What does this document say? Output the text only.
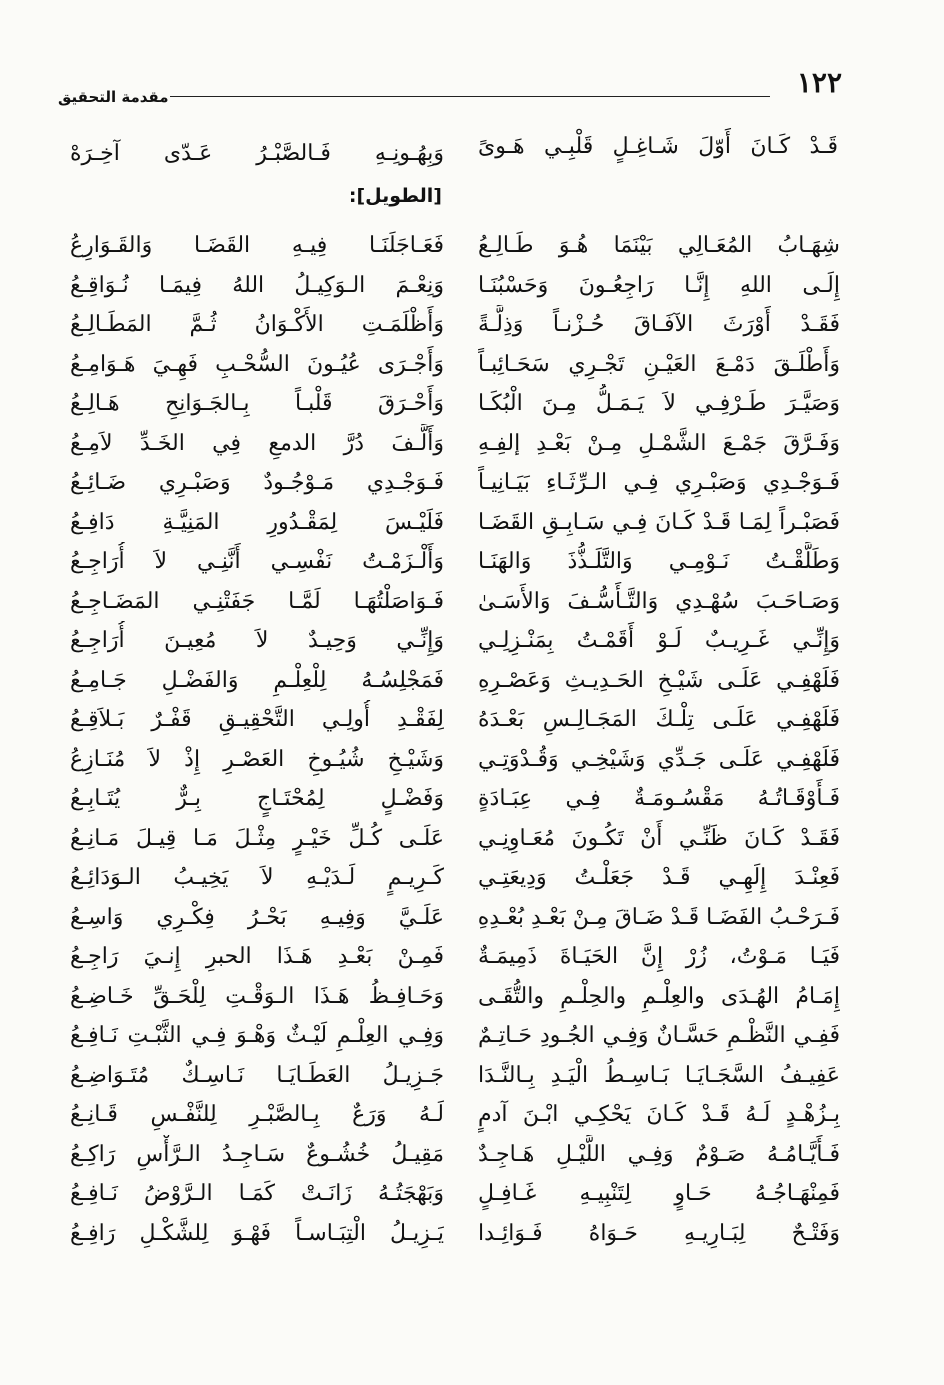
١٢٢
مقدمة التحقيق
قَـدْ كَـانَ أَوّلَ شَـاغِـلٍ قَلْبِـي هَـوىً
شِهَـابُ المُعَـالِي بَيْنَمَا هُـوَ طَـالِـعُ
إِلَـى اللهِ إِنَّـا رَاجِعُـونَ وَحَسْبُنَـا
فَقَـدْ أَوْرَثَ الآفَـاقَ حُـزْنـاً وَذِلَّـةً
وَأَطْلَـقَ دَمْـعَ العَيْـنِ تَجْـرِي سَحَـائِبـاً
وَصَيَّـرَ طَـرْفِـي لاَ يَـمَـلُّ مِـنَ الْبُكَـا
وَفَـرَّقَ جَمْـعَ الشَّمْـلِ مِـنْ بَعْـدِ إلفِـهِ
فَـوَجْـدِي وَصَبْـرِي فِـي الـرِّثَـاءِ بَيَـانِيـاً
فَصَبْـراً لِمَـا قَـدْ كَـانَ فِـي سَـابِـقِ القَضَـا
وَطَلَّقْـتُ نَـوْمِـي وَالتَّلَـذُّذَ وَالهَنَـا
وَصَـاحَـبَ سُهْـدِي وَالتَّـأَسُّـفَ وَالأَسَـىٰ
وَإِنِّـي غَـرِيـبٌ لَـوْ أَقَمْـتُ بِمَنْـزِلِـي
فَلَهْفِـي عَلَـى شَيْـخِ الحَـدِيـثِ وَعَصْـرِهِ
فَلَهْفِـي عَلَـى تِلْـكَ المَجَـالِـسِ بَعْـدَهُ
فَلَهْفِـي عَلَـى جَـدِّي وَشَيْخِـي وَقُـدْوَتِـي
فَـأَوْقَـاتُـهُ مَقْسُـومَـةٌ فِـي عِبَـادَةٍ
فَقَـدْ كَـانَ ظَنِّـي أَنْ تَكُـونَ مُعَـاوِنِـي
فَعِنْـدَ إِلَهِـي قَـدْ جَعَلْـتُ وَدِيعَتِـي
فَـرَحْـبُ الفَضَـا قَـدْ ضَـاقَ مِـنْ بَعْـدِ بُعْـدِهِ
فَيَـا مَـوْتُ، زُرْ إِنَّ الحَيَـاةَ ذَمِيمَـةٌ
إِمَـامُ الهُـدَى والعِلْـمِ والحِلْـمِ والتُّقَـى
فَفِـي النَّظْـمِ حَسَّـانٌ وَفِـي الجُـودِ حَـاتِـمٌ
عَفِيـفُ السَّجَـايَـا بَـاسِـطُ الْيَـدِ بِـالنَّـدَا
بِـزُهْـدٍ لَـهُ قَـدْ كَـانَ يَحْكِـي ابْـنَ آدمٍ
فَـأَيَّـامُـهُ صَـوْمٌ وَفِـي اللَّيْـلِ هَـاجِـدٌ
فَمِنْهَـاجُـهُ حَـاوٍ لِتَنْبِيـهِ غَـافِـلٍ
وَفَتْـحٌ لِبَـارِيـهِ حَـوَاهُ فَـوَائِـدا
وَبِهُـونِـهِ فَـالصَّبْـرُ عَـدّى آخِـرَهْ
[الطويل]:
فَعَـاجَلَنَـا فِيـهِ القَضَـا وَالقَـوَارِعُ
وَنِعْـمَ الـوَكِيـلُ اللهُ فِيمَـا نُـوَاقِـعُ
وَأَظْلَمَـتِ الأَكْـوَانُ ثُـمَّ المَطَـالِـعُ
وَأَجْـرَى عُيُـونَ السُّحْـبِ فَهِـيَ هَـوَامِـعُ
وَأَحْـرَقَ قَلْبـاً بِـالجَـوَانِحِ هَـالِـعُ
وَأَلَّـفَ دُرَّ الدمعِ فِي الخَـدِّ لاَمِـعُ
فَـوَجْـدِي مَـوْجُـودٌ وَصَبْـرِي ضَـائِـعُ
فَلَيْـسَ لِمَقْـدُورِ المَنِيَّـةِ دَافِـعُ
وَأَلْـزَمْـتُ نَفْسِـي أَنَّنِـي لاَ أُرَاجِـعُ
فَـوَاصَلْتُهَـا لَمَّـا جَفَتْنِـي المَضَـاجِـعُ
وَإِنِّـي وَحِيـدٌ لاَ مُعِيـنَ أُرَاجِـعُ
فَمَجْلِسُـهُ لِلْعِلْـمِ وَالفَضْـلِ جَـامِـعُ
لِفَقْـدِ أُولِـي التَّحْقِيـقِ قَفْـرٌ بَـلاَقِـعُ
وَشَيْـخِ شُيُـوخِ العَصْـرِ إِذْ لاَ مُنَـازِعُ
وَفَضْـلٍ لِمُحْتَـاجٍ بِـرٌّ يُتَـابِـعُ
عَلَـى كُـلِّ خَيْـرٍ مِثْـلَ مَـا قِيـلَ مَـانِـعُ
كَـرِيـمٍ لَـدَيْـهِ لاَ يَخِيـبُ الـوَدَائِـعُ
عَلَـيَّ وَفِيـهِ بَحْـرُ فِكْـرِي وَاسِـعُ
فَمِـنْ بَعْـدِ هَـذَا الحبرِ إِنـيَ رَاجِـعُ
وَحَـافِـظُ هَـذَا الـوَقْـتِ لِلْحَـقِّ خَـاضِـعُ
وَفِـي العِلْـمِ لَيْـثٌ وَهْـوَ فِـي الثَّبْـتِ نَـافِـعُ
جَـزِيـلُ العَطَـايَـا نَـاسِـكٌ مُتَـوَاضِـعُ
لَـهُ وَرَعٌ بِـالصَّبْـرِ لِلنَّفْـسِ قَـانِـعُ
مَقِيـلُ خُشُـوعٌ سَـاجِـدُ الـرَّأْسِ رَاكِـعُ
وَبَهْجَتُـهُ زَانَـتْ كَمَـا الـرَّوْضُ نَـافِـعُ
يَـزِيـلُ الْتِبَـاسـاً فَهْـوَ لِلشَّكْـلِ رَافِـعُ
